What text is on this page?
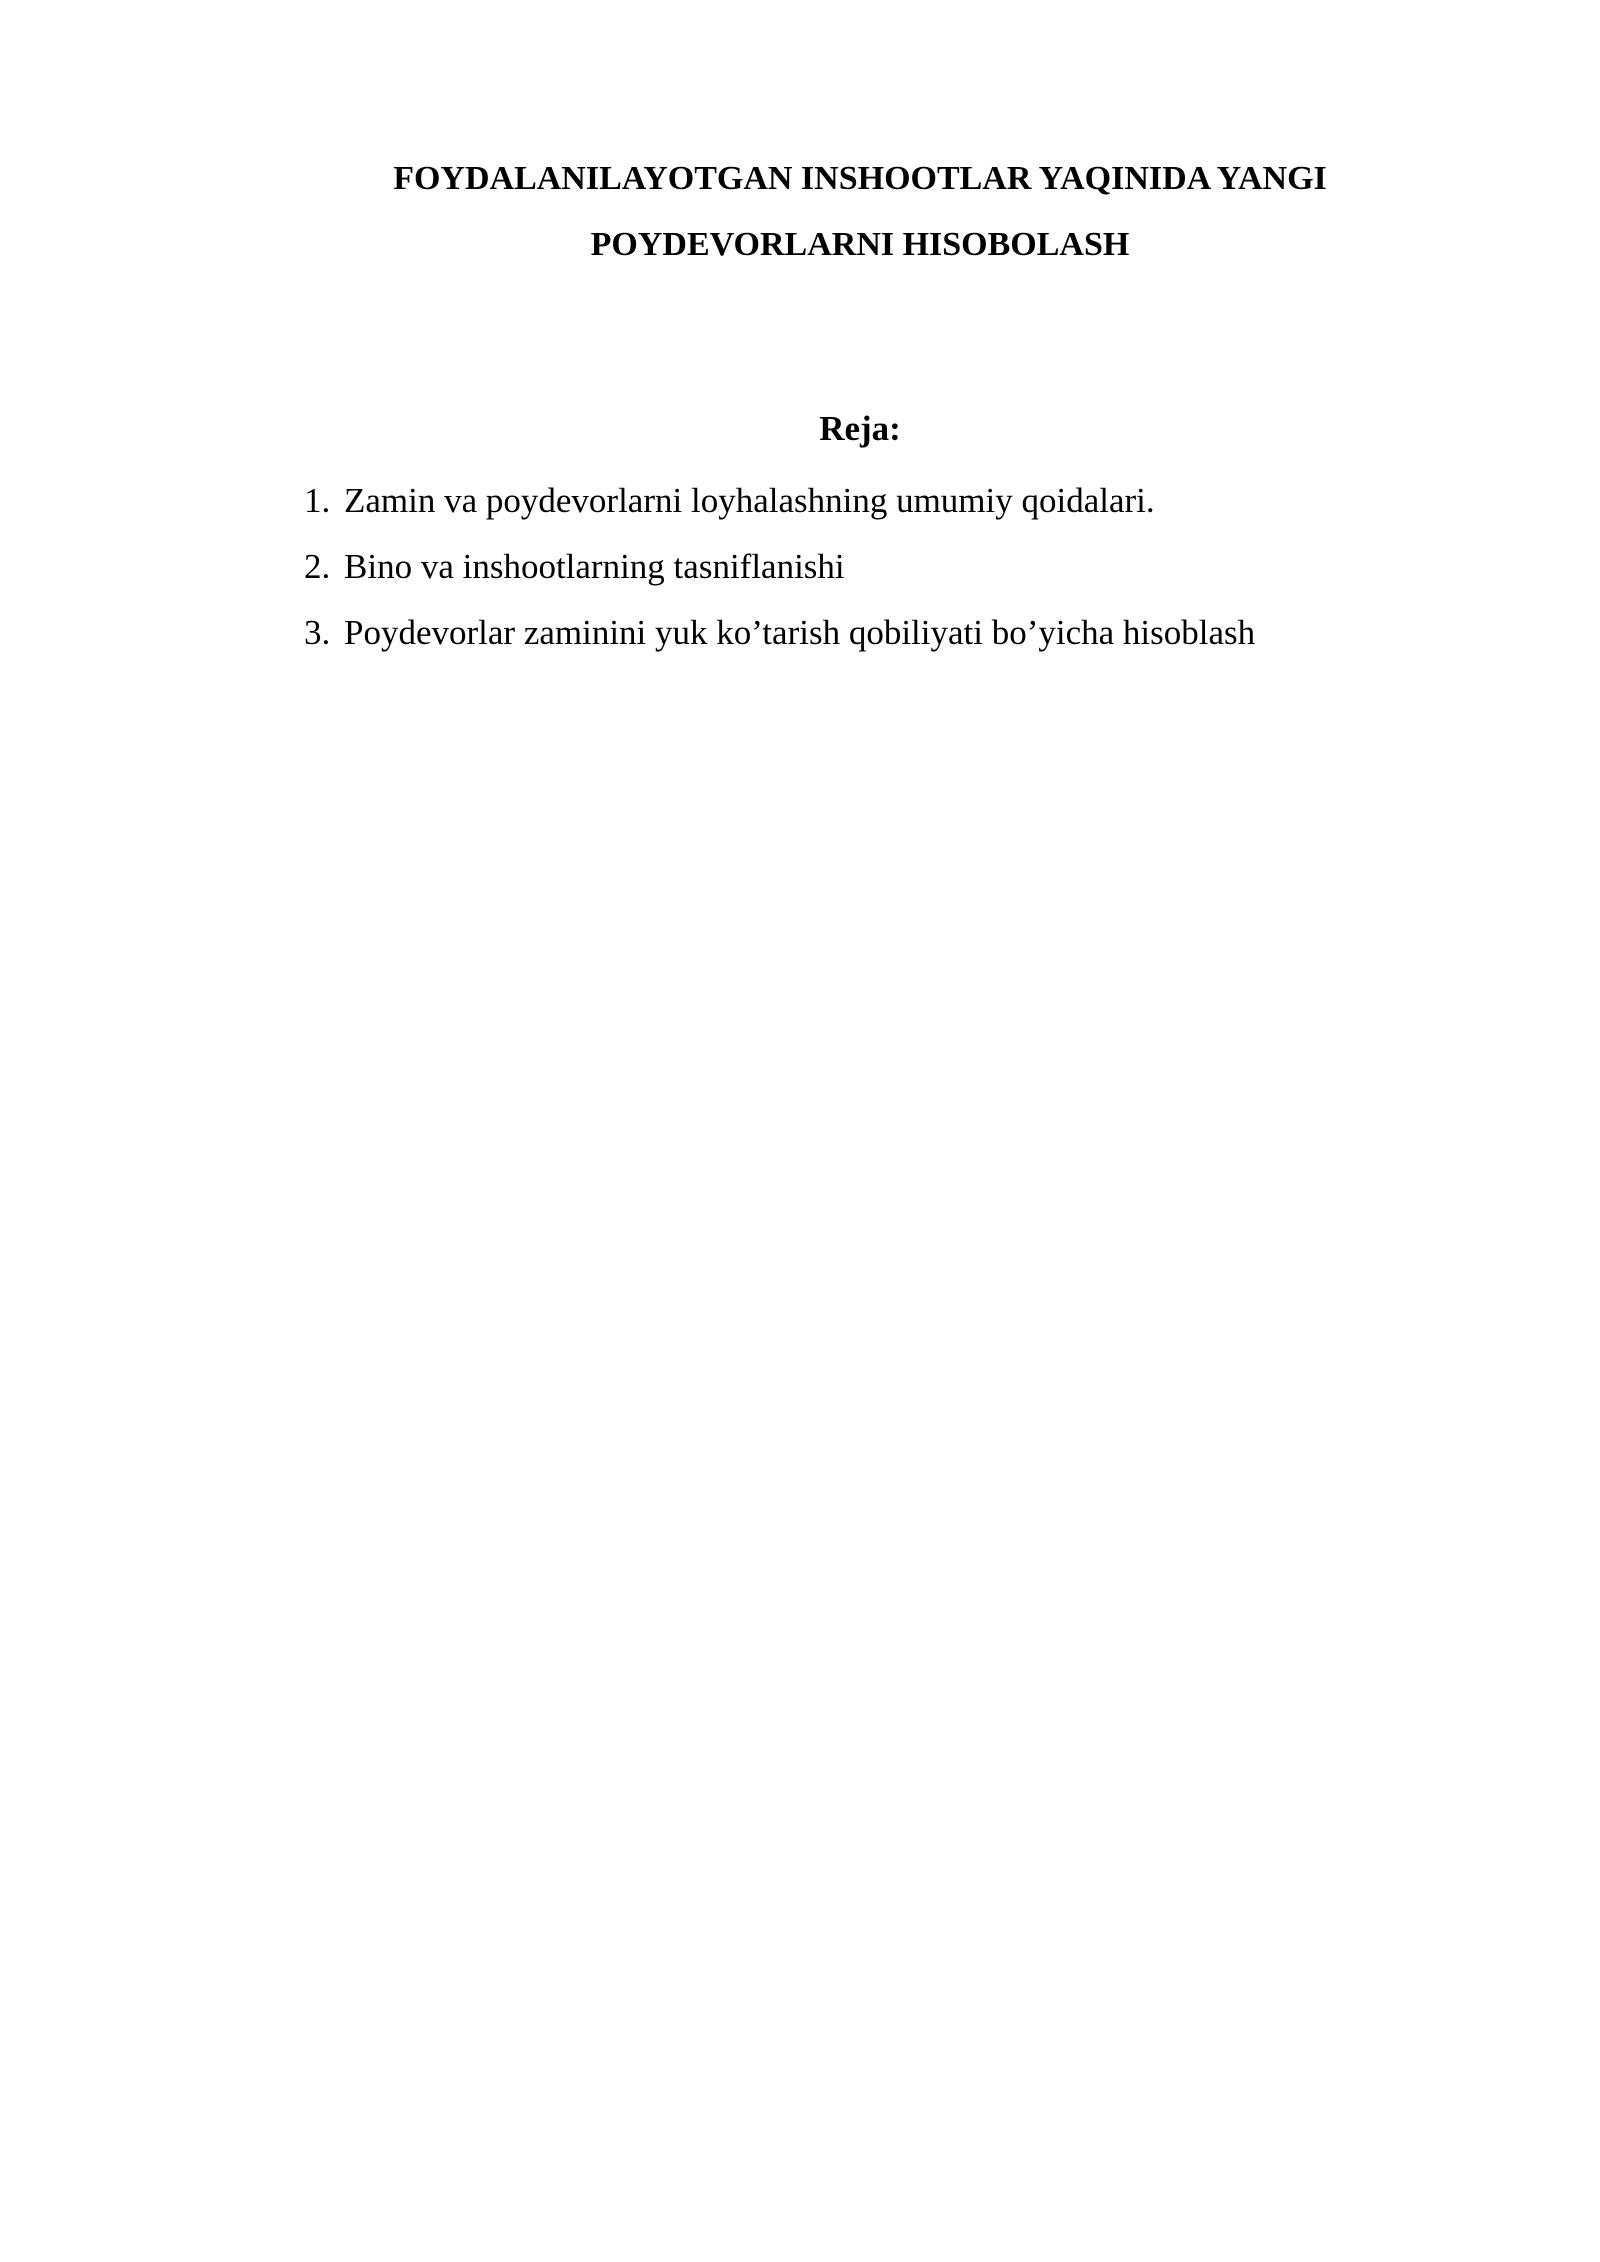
FOYDALANILAYOTGAN INSHOOTLAR YAQINIDA YANGI
POYDEVORLARNI HISOBOLASH
Reja:
1. Zamin va poydevorlarni loyhalashning umumiy qoidalari.
2. Bino va inshootlarning tasniflanishi
3. Poydevorlar zaminini yuk ko’tarish qobiliyati bo’yicha hisoblash
